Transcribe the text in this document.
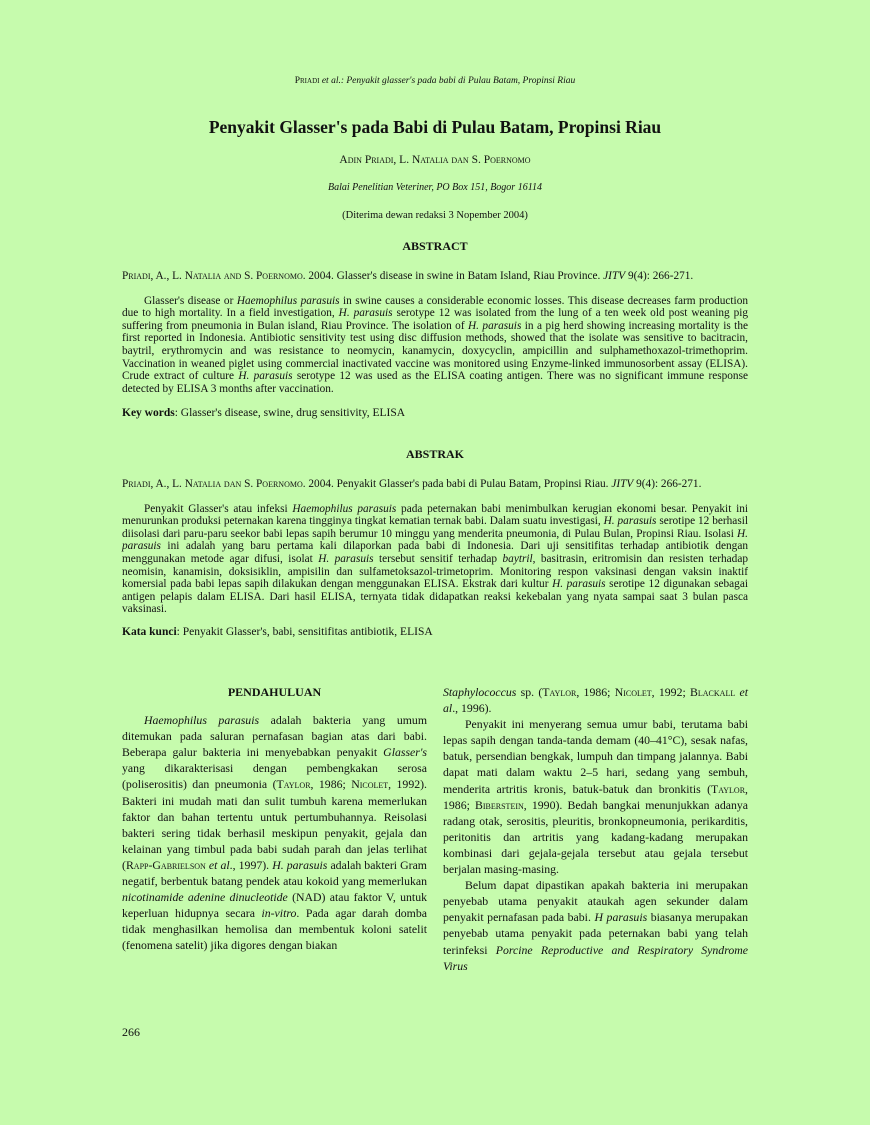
Priadi et al.: Penyakit glasser's pada babi di Pulau Batam, Propinsi Riau
Penyakit Glasser's pada Babi di Pulau Batam, Propinsi Riau
Adin Priadi, L. Natalia dan S. Poernomo
Balai Penelitian Veteriner, PO Box 151, Bogor 16114
(Diterima dewan redaksi 3 Nopember 2004)
ABSTRACT

Priadi, A., L. Natalia and S. Poernomo. 2004. Glasser's disease in swine in Batam Island, Riau Province. JITV 9(4): 266-271.

Glasser's disease or Haemophilus parasuis in swine causes a considerable economic losses. This disease decreases farm production due to high mortality. In a field investigation, H. parasuis serotype 12 was isolated from the lung of a ten week old post weaning pig suffering from pneumonia in Bulan island, Riau Province. The isolation of H. parasuis in a pig herd showing increasing mortality is the first reported in Indonesia. Antibiotic sensitivity test using disc diffusion methods, showed that the isolate was sensitive to bacitracin, baytril, erythromycin and was resistance to neomycin, kanamycin, doxycyclin, ampicillin and sulphamethoxazol-trimethoprim. Vaccination in weaned piglet using commercial inactivated vaccine was monitored using Enzyme-linked immunosorbent assay (ELISA). Crude extract of culture H. parasuis serotype 12 was used as the ELISA coating antigen. There was no significant immune response detected by ELISA 3 months after vaccination.

Key words: Glasser's disease, swine, drug sensitivity, ELISA

ABSTRAK

Priadi, A., L. Natalia dan S. Poernomo. 2004. Penyakit Glasser's pada babi di Pulau Batam, Propinsi Riau. JITV 9(4): 266-271.

Penyakit Glasser's atau infeksi Haemophilus parasuis pada peternakan babi menimbulkan kerugian ekonomi besar. Penyakit ini menurunkan produksi peternakan karena tingginya tingkat kematian ternak babi. Dalam suatu investigasi, H. parasuis serotipe 12 berhasil diisolasi dari paru-paru seekor babi lepas sapih berumur 10 minggu yang menderita pneumonia, di Pulau Bulan, Propinsi Riau. Isolasi H. parasuis ini adalah yang baru pertama kali dilaporkan pada babi di Indonesia. Dari uji sensitifitas terhadap antibiotik dengan menggunakan metode agar difusi, isolat H. parasuis tersebut sensitif terhadap baytril, basitrasin, eritromisin dan resisten terhadap neomisin, kanamisin, doksisiklin, ampisilin dan sulfametoksazol-trimetoprim. Monitoring respon vaksinasi dengan vaksin inaktif komersial pada babi lepas sapih dilakukan dengan menggunakan ELISA. Ekstrak dari kultur H. parasuis serotipe 12 digunakan sebagai antigen pelapis dalam ELISA. Dari hasil ELISA, ternyata tidak didapatkan reaksi kekebalan yang nyata sampai saat 3 bulan pasca vaksinasi.

Kata kunci: Penyakit Glasser's, babi, sensitifitas antibiotik, ELISA

PENDAHULUAN

Haemophilus parasuis adalah bakteria yang umum ditemukan pada saluran pernafasan bagian atas dari babi. Beberapa galur bakteria ini menyebabkan penyakit Glasser's yang dikarakterisasi dengan pembengkakan serosa (poliserositis) dan pneumonia (Taylor, 1986; Nicolet, 1992). Bakteri ini mudah mati dan sulit tumbuh karena memerlukan faktor dan bahan tertentu untuk pertumbuhannya. Reisolasi bakteri sering tidak berhasil meskipun penyakit, gejala dan kelainan yang timbul pada babi sudah parah dan jelas terlihat (Rapp-Gabrielson et al., 1997). H. parasuis adalah bakteri Gram negatif, berbentuk batang pendek atau kokoid yang memerlukan nicotinamide adenine dinucleotide (NAD) atau faktor V, untuk keperluan hidupnya secara in-vitro. Pada agar darah domba tidak menghasilkan hemolisa dan membentuk koloni satelit (fenomena satelit) jika digores dengan biakan

Staphylococcus sp. (Taylor, 1986; Nicolet, 1992; Blackall et al., 1996).

Penyakit ini menyerang semua umur babi, terutama babi lepas sapih dengan tanda-tanda demam (40–41°C), sesak nafas, batuk, persendian bengkak, lumpuh dan timpang jalannya. Babi dapat mati dalam waktu 2–5 hari, sedang yang sembuh, menderita artritis kronis, batuk-batuk dan bronkitis (Taylor, 1986; Biberstein, 1990). Bedah bangkai menunjukkan adanya radang otak, serositis, pleuritis, bronkopneumonia, perikarditis, peritonitis dan artritis yang kadang-kadang merupakan kombinasi dari gejala-gejala tersebut atau gejala tersebut berjalan masing-masing.

Belum dapat dipastikan apakah bakteria ini merupakan penyebab utama penyakit ataukah agen sekunder dalam penyakit pernafasan pada babi. H parasuis biasanya merupakan penyebab utama penyakit pada peternakan babi yang telah terinfeksi Porcine Reproductive and Respiratory Syndrome Virus

266
